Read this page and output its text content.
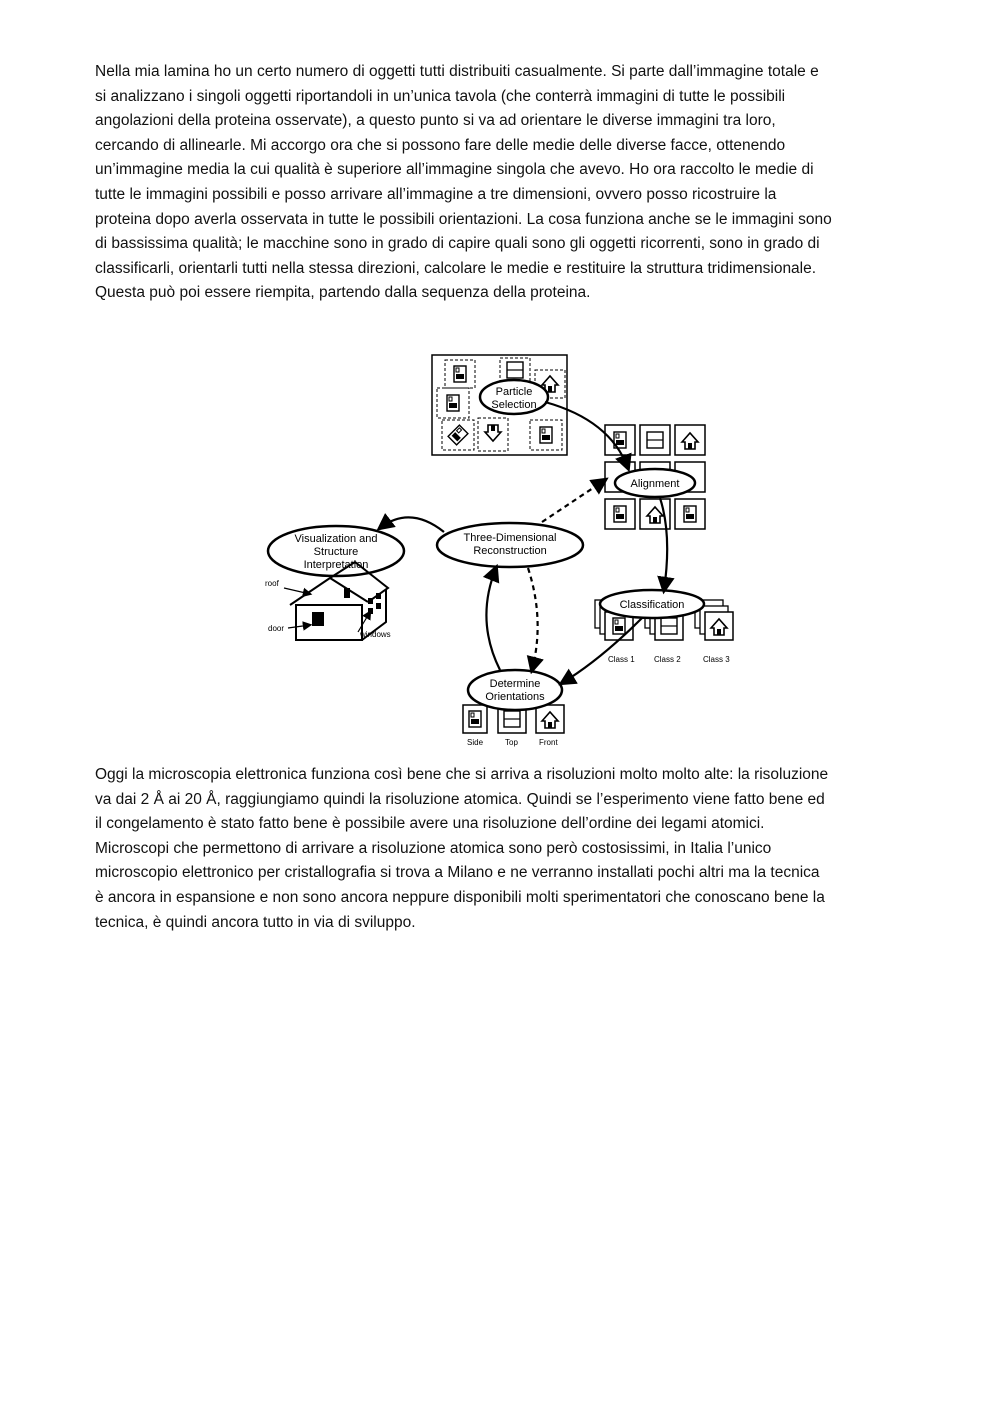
Nella mia lamina ho un certo numero di oggetti tutti distribuiti casualmente. Si parte dall’immagine totale e
si analizzano i singoli oggetti riportandoli in un’unica tavola (che conterrà immagini di tutte le possibili
angolazioni della proteina osservate), a questo punto si va ad orientare le diverse immagini tra loro,
cercando di allinearle. Mi accorgo ora che si possono fare delle medie delle diverse facce, ottenendo
un’immagine media la cui qualità è superiore all’immagine singola che avevo. Ho ora raccolto le medie di
tutte le immagini possibili e posso arrivare all’immagine a tre dimensioni, ovvero posso ricostruire la
proteina dopo averla osservata in tutte le possibili orientazioni. La cosa funziona anche se le immagini sono
di bassissima qualità; le macchine sono in grado di capire quali sono gli oggetti ricorrenti, sono in grado di
classificarli, orientarli tutti nella stessa direzioni, calcolare le medie e restituire la struttura tridimensionale.
Questa può poi essere riempita, partendo dalla sequenza della proteina.
Particle
Selection
Alignment
Classification
Class 1 Class 2	Class 3
Three-Dimensional
Reconstruction
Visualization and
Structure
Interpretation
roof
door
windows
Determine
Orientations
Side	Top	Front
Oggi la microscopia elettronica funziona così bene che si arriva a risoluzioni molto molto alte: la risoluzione
va dai 2 Å ai 20 Å, raggiungiamo quindi la risoluzione atomica. Quindi se l’esperimento viene fatto bene ed
il congelamento è stato fatto bene è possibile avere una risoluzione dell’ordine dei legami atomici.
Microscopi che permettono di arrivare a risoluzione atomica sono però costosissimi, in Italia l’unico
microscopio elettronico per cristallografia si trova a Milano e ne verranno installati pochi altri ma la tecnica
è ancora in espansione e non sono ancora neppure disponibili molti sperimentatori che conoscano bene la
tecnica, è quindi ancora tutto in via di sviluppo.
